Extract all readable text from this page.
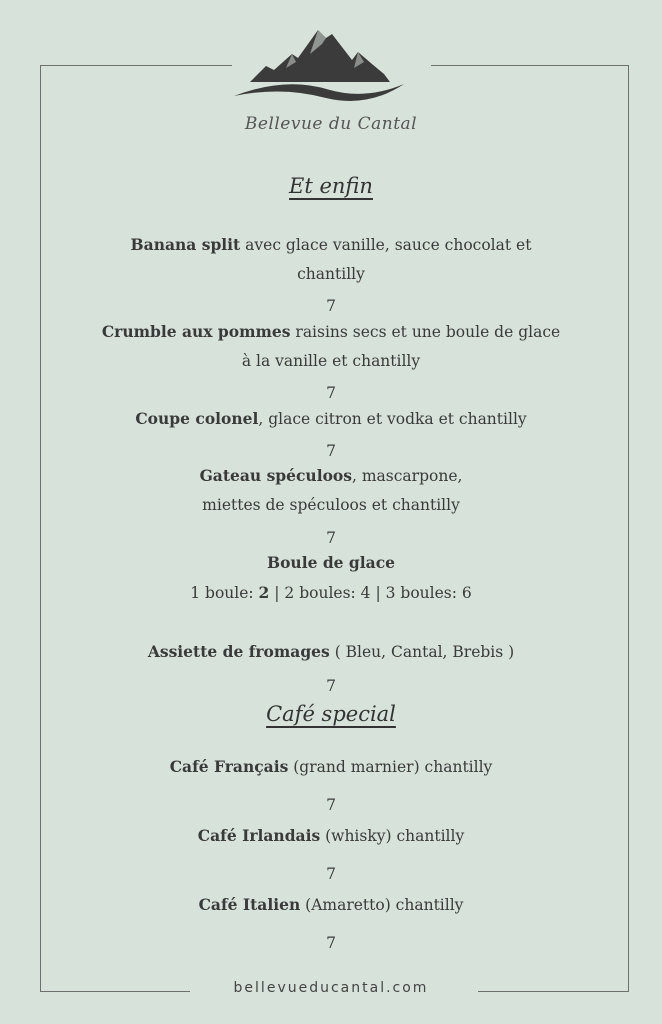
Bellevue du Cantal
Et enfin
Banana split avec glace vanille, sauce chocolat et
chantilly
7
Crumble aux pommes raisins secs et une boule de glace
à la vanille et chantilly
7
Coupe colonel, glace citron et vodka et chantilly
7
Gateau spéculoos, mascarpone,
miettes de spéculoos et chantilly
7
Boule de glace
1 boule: 2 | 2 boules: 4 | 3 boules: 6
Assiette de fromages ( Bleu, Cantal, Brebis )
7
Café special
Café Français (grand marnier) chantilly
7
Café Irlandais (whisky) chantilly
7
Café Italien (Amaretto) chantilly
7
bellevueducantal.com
